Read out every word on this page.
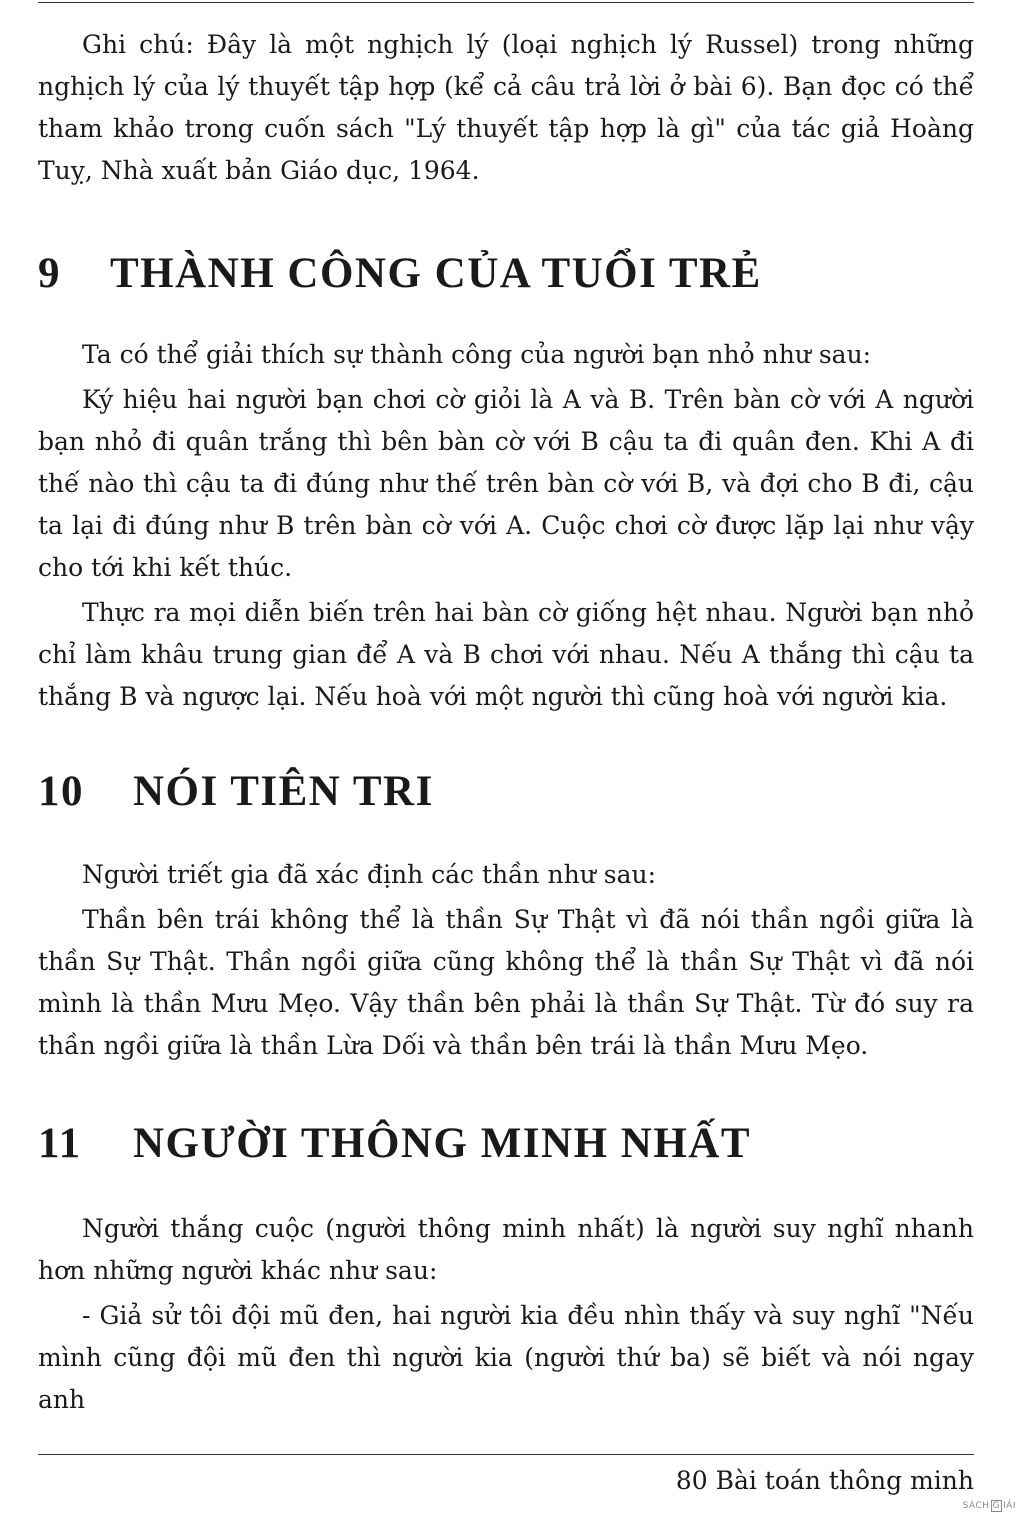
Ghi chú: Đây là một nghịch lý (loại nghịch lý Russel) trong những nghịch lý của lý thuyết tập hợp (kể cả câu trả lời ở bài 6). Bạn đọc có thể tham khảo trong cuốn sách "Lý thuyết tập hợp là gì" của tác giả Hoàng Tuỵ, Nhà xuất bản Giáo dục, 1964.

9	THÀNH CÔNG CỦA TUỔI TRẺ

Ta có thể giải thích sự thành công của người bạn nhỏ như sau:

Ký hiệu hai người bạn chơi cờ giỏi là A và B. Trên bàn cờ với A người bạn nhỏ đi quân trắng thì bên bàn cờ với B cậu ta đi quân đen. Khi A đi thế nào thì cậu ta đi đúng như thế trên bàn cờ với B, và đợi cho B đi, cậu ta lại đi đúng như B trên bàn cờ với A. Cuộc chơi cờ được lặp lại như vậy cho tới khi kết thúc.

Thực ra mọi diễn biến trên hai bàn cờ giống hệt nhau. Người bạn nhỏ chỉ làm khâu trung gian để A và B chơi với nhau. Nếu A thắng thì cậu ta thắng B và ngược lại. Nếu hoà với một người thì cũng hoà với người kia.

10	NÓI TIÊN TRI

Người triết gia đã xác định các thần như sau:

Thần bên trái không thể là thần Sự Thật vì đã nói thần ngồi giữa là thần Sự Thật. Thần ngồi giữa cũng không thể là thần Sự Thật vì đã nói mình là thần Mưu Mẹo. Vậy thần bên phải là thần Sự Thật. Từ đó suy ra thần ngồi giữa là thần Lừa Dối và thần bên trái là thần Mưu Mẹo.

11	NGƯỜI THÔNG MINH NHẤT

Người thắng cuộc (người thông minh nhất) là người suy nghĩ nhanh hơn những người khác như sau:

- Giả sử tôi đội mũ đen, hai người kia đều nhìn thấy và suy nghĩ "Nếu mình cũng đội mũ đen thì người kia (người thứ ba) sẽ biết và nói ngay anh

80 Bài toán thông minh
SÁCH G IẢI
